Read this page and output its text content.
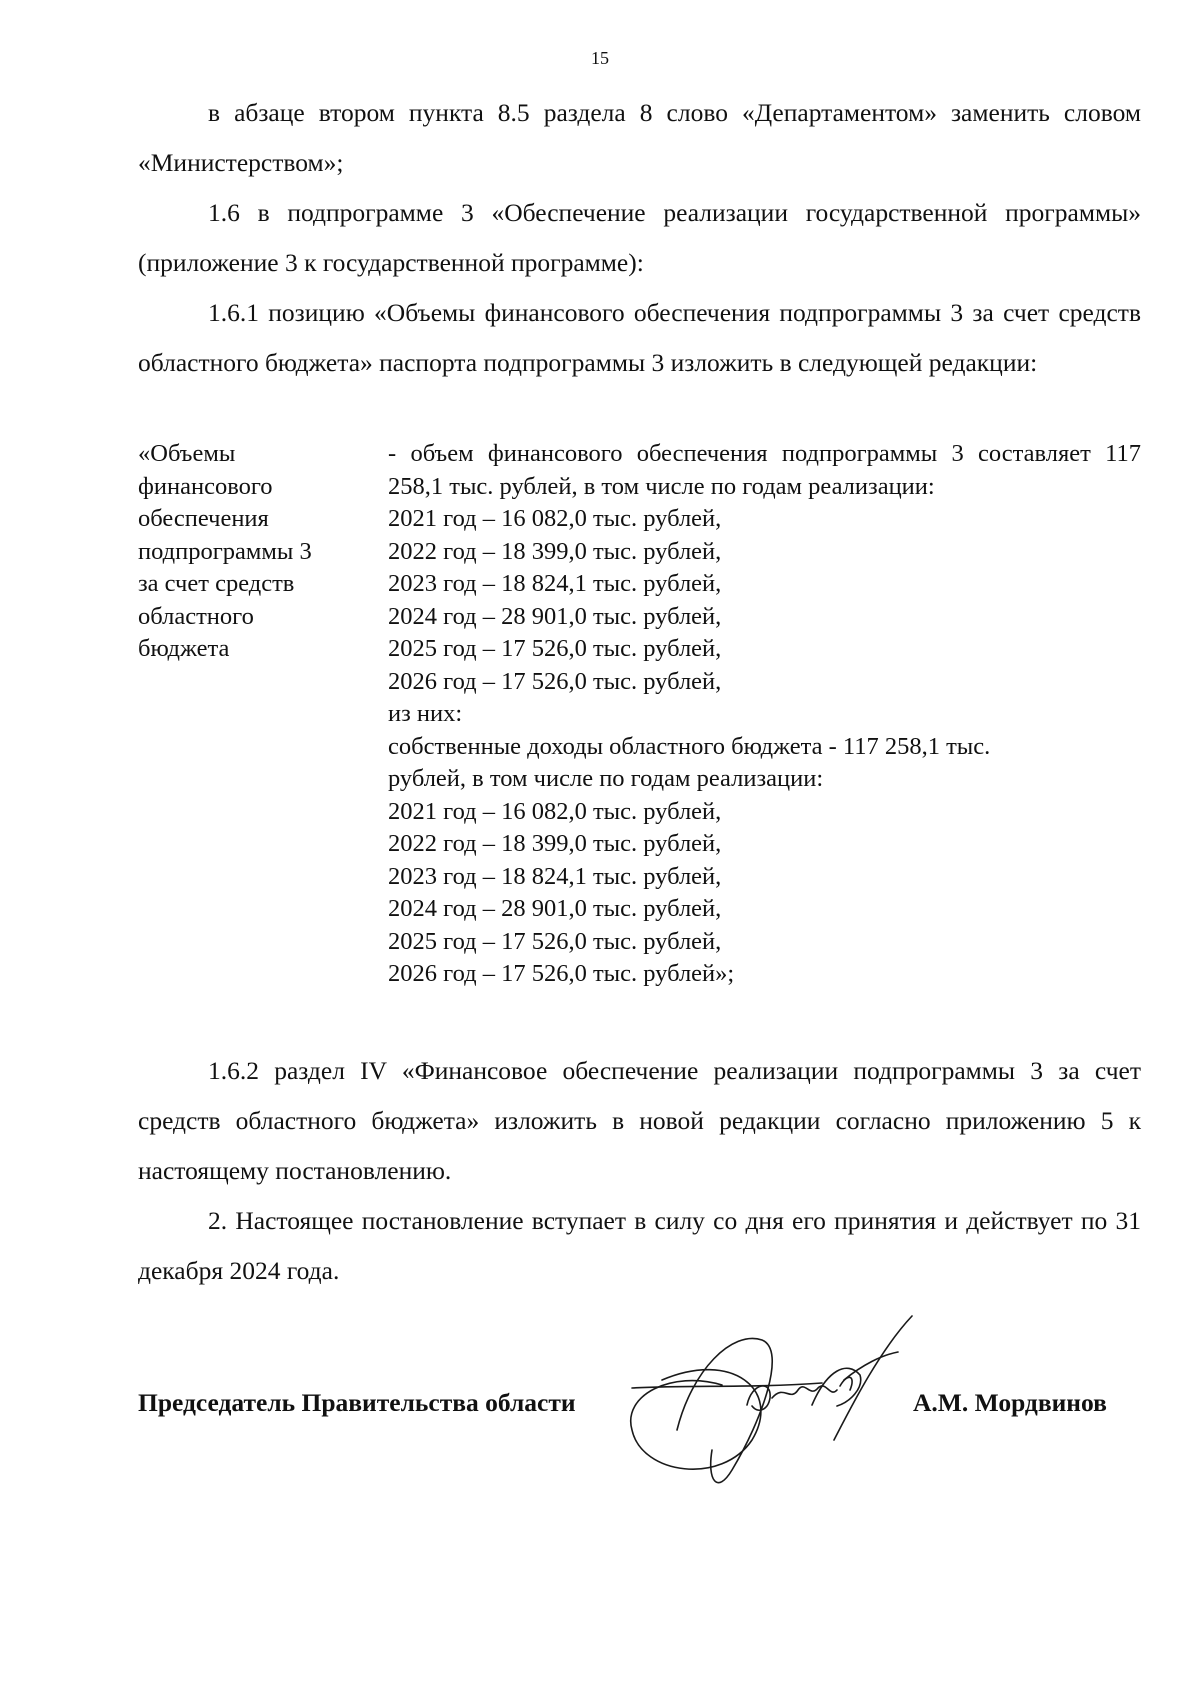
15

в абзаце втором пункта 8.5 раздела 8 слово «Департаментом» заменить словом «Министерством»;

1.6 в подпрограмме 3 «Обеспечение реализации государственной программы» (приложение 3 к государственной программе):

1.6.1 позицию «Объемы финансового обеспечения подпрограммы 3 за счет средств областного бюджета» паспорта подпрограммы 3 изложить в следующей редакции:

«Объемы
финансового
обеспечения
подпрограммы 3
за счет средств
областного
бюджета
- объем финансового обеспечения подпрограммы 3 составляет 117 258,1 тыс. рублей, в том числе по годам реализации:
2021 год – 16 082,0 тыс. рублей,
2022 год – 18 399,0 тыс. рублей,
2023 год – 18 824,1 тыс. рублей,
2024 год – 28 901,0 тыс. рублей,
2025 год – 17 526,0 тыс. рублей,
2026 год – 17 526,0 тыс. рублей,
из них:
собственные доходы областного бюджета - 117 258,1 тыс.
рублей, в том числе по годам реализации:
2021 год – 16 082,0 тыс. рублей,
2022 год – 18 399,0 тыс. рублей,
2023 год – 18 824,1 тыс. рублей,
2024 год – 28 901,0 тыс. рублей,
2025 год – 17 526,0 тыс. рублей,
2026 год – 17 526,0 тыс. рублей»;

1.6.2 раздел IV «Финансовое обеспечение реализации подпрограммы 3 за счет средств областного бюджета» изложить в новой редакции согласно приложению 5 к настоящему постановлению.

2. Настоящее постановление вступает в силу со дня его принятия и действует по 31 декабря 2024 года.

Председатель Правительства области	А.М. Мордвинов
